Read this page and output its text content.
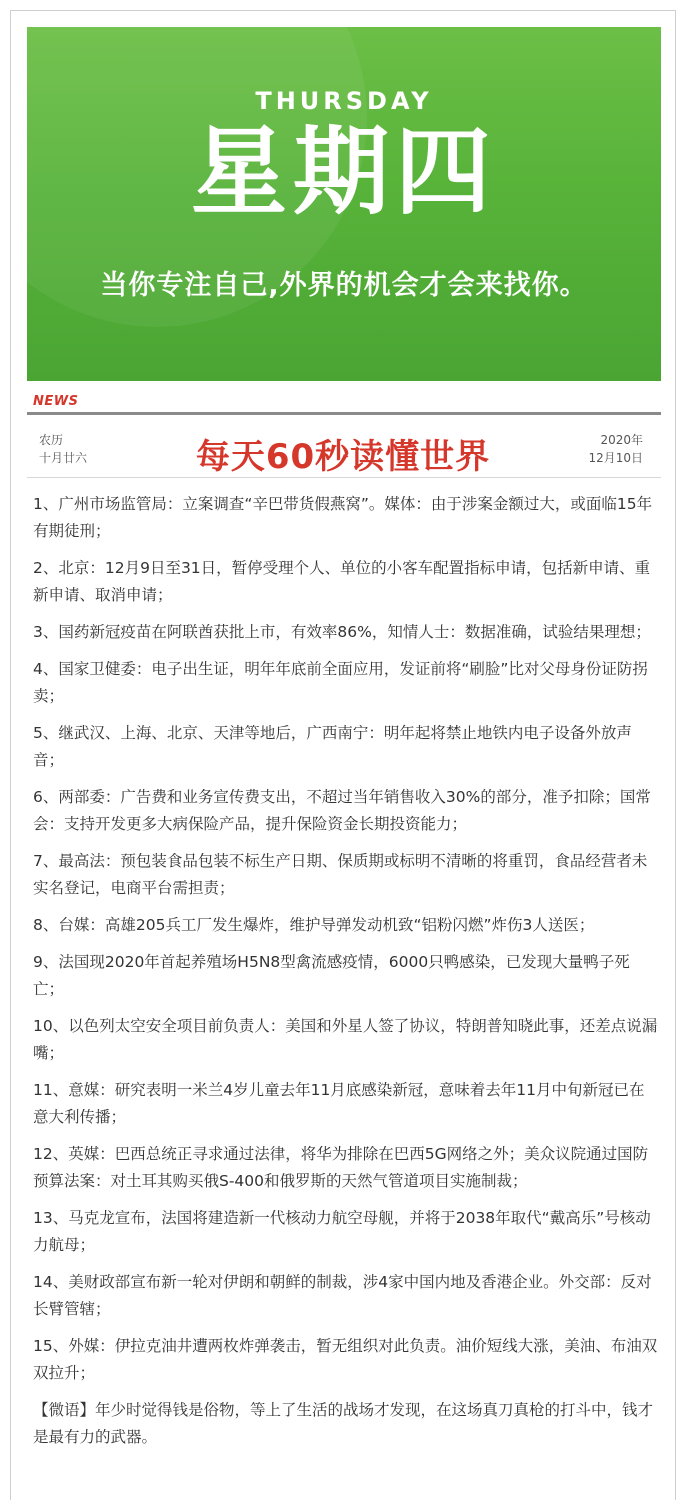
THURSDAY
星期四
当你专注自己,外界的机会才会来找你。
NEWS
农历
十月廿六	每天60秒读懂世界	2020年
12月10日
1、广州市场监管局：立案调查“辛巴带货假燕窝”。媒体：由于涉案金额过大，或面临15年有期徒刑；
2、北京：12月9日至31日，暂停受理个人、单位的小客车配置指标申请，包括新申请、重新申请、取消申请；
3、国药新冠疫苗在阿联酋获批上市，有效率86%，知情人士：数据准确，试验结果理想；
4、国家卫健委：电子出生证，明年年底前全面应用，发证前将“刷脸”比对父母身份证防拐卖；
5、继武汉、上海、北京、天津等地后，广西南宁：明年起将禁止地铁内电子设备外放声音；
6、两部委：广告费和业务宣传费支出，不超过当年销售收入30%的部分，准予扣除；国常会：支持开发更多大病保险产品，提升保险资金长期投资能力；
7、最高法：预包装食品包装不标生产日期、保质期或标明不清晰的将重罚，食品经营者未实名登记，电商平台需担责；
8、台媒：高雄205兵工厂发生爆炸，维护导弹发动机致“铝粉闪燃”炸伤3人送医；
9、法国现2020年首起养殖场H5N8型禽流感疫情，6000只鸭感染，已发现大量鸭子死亡；
10、以色列太空安全项目前负责人：美国和外星人签了协议，特朗普知晓此事，还差点说漏嘴；
11、意媒：研究表明一米兰4岁儿童去年11月底感染新冠，意味着去年11月中旬新冠已在意大利传播；
12、英媒：巴西总统正寻求通过法律，将华为排除在巴西5G网络之外；美众议院通过国防预算法案：对土耳其购买俄S-400和俄罗斯的天然气管道项目实施制裁；
13、马克龙宣布，法国将建造新一代核动力航空母舰，并将于2038年取代“戴高乐”号核动力航母；
14、美财政部宣布新一轮对伊朗和朝鲜的制裁，涉4家中国内地及香港企业。外交部：反对长臂管辖；
15、外媒：伊拉克油井遭两枚炸弹袭击，暂无组织对此负责。油价短线大涨，美油、布油双双拉升；
【微语】年少时觉得钱是俗物，等上了生活的战场才发现，在这场真刀真枪的打斗中，钱才是最有力的武器。
